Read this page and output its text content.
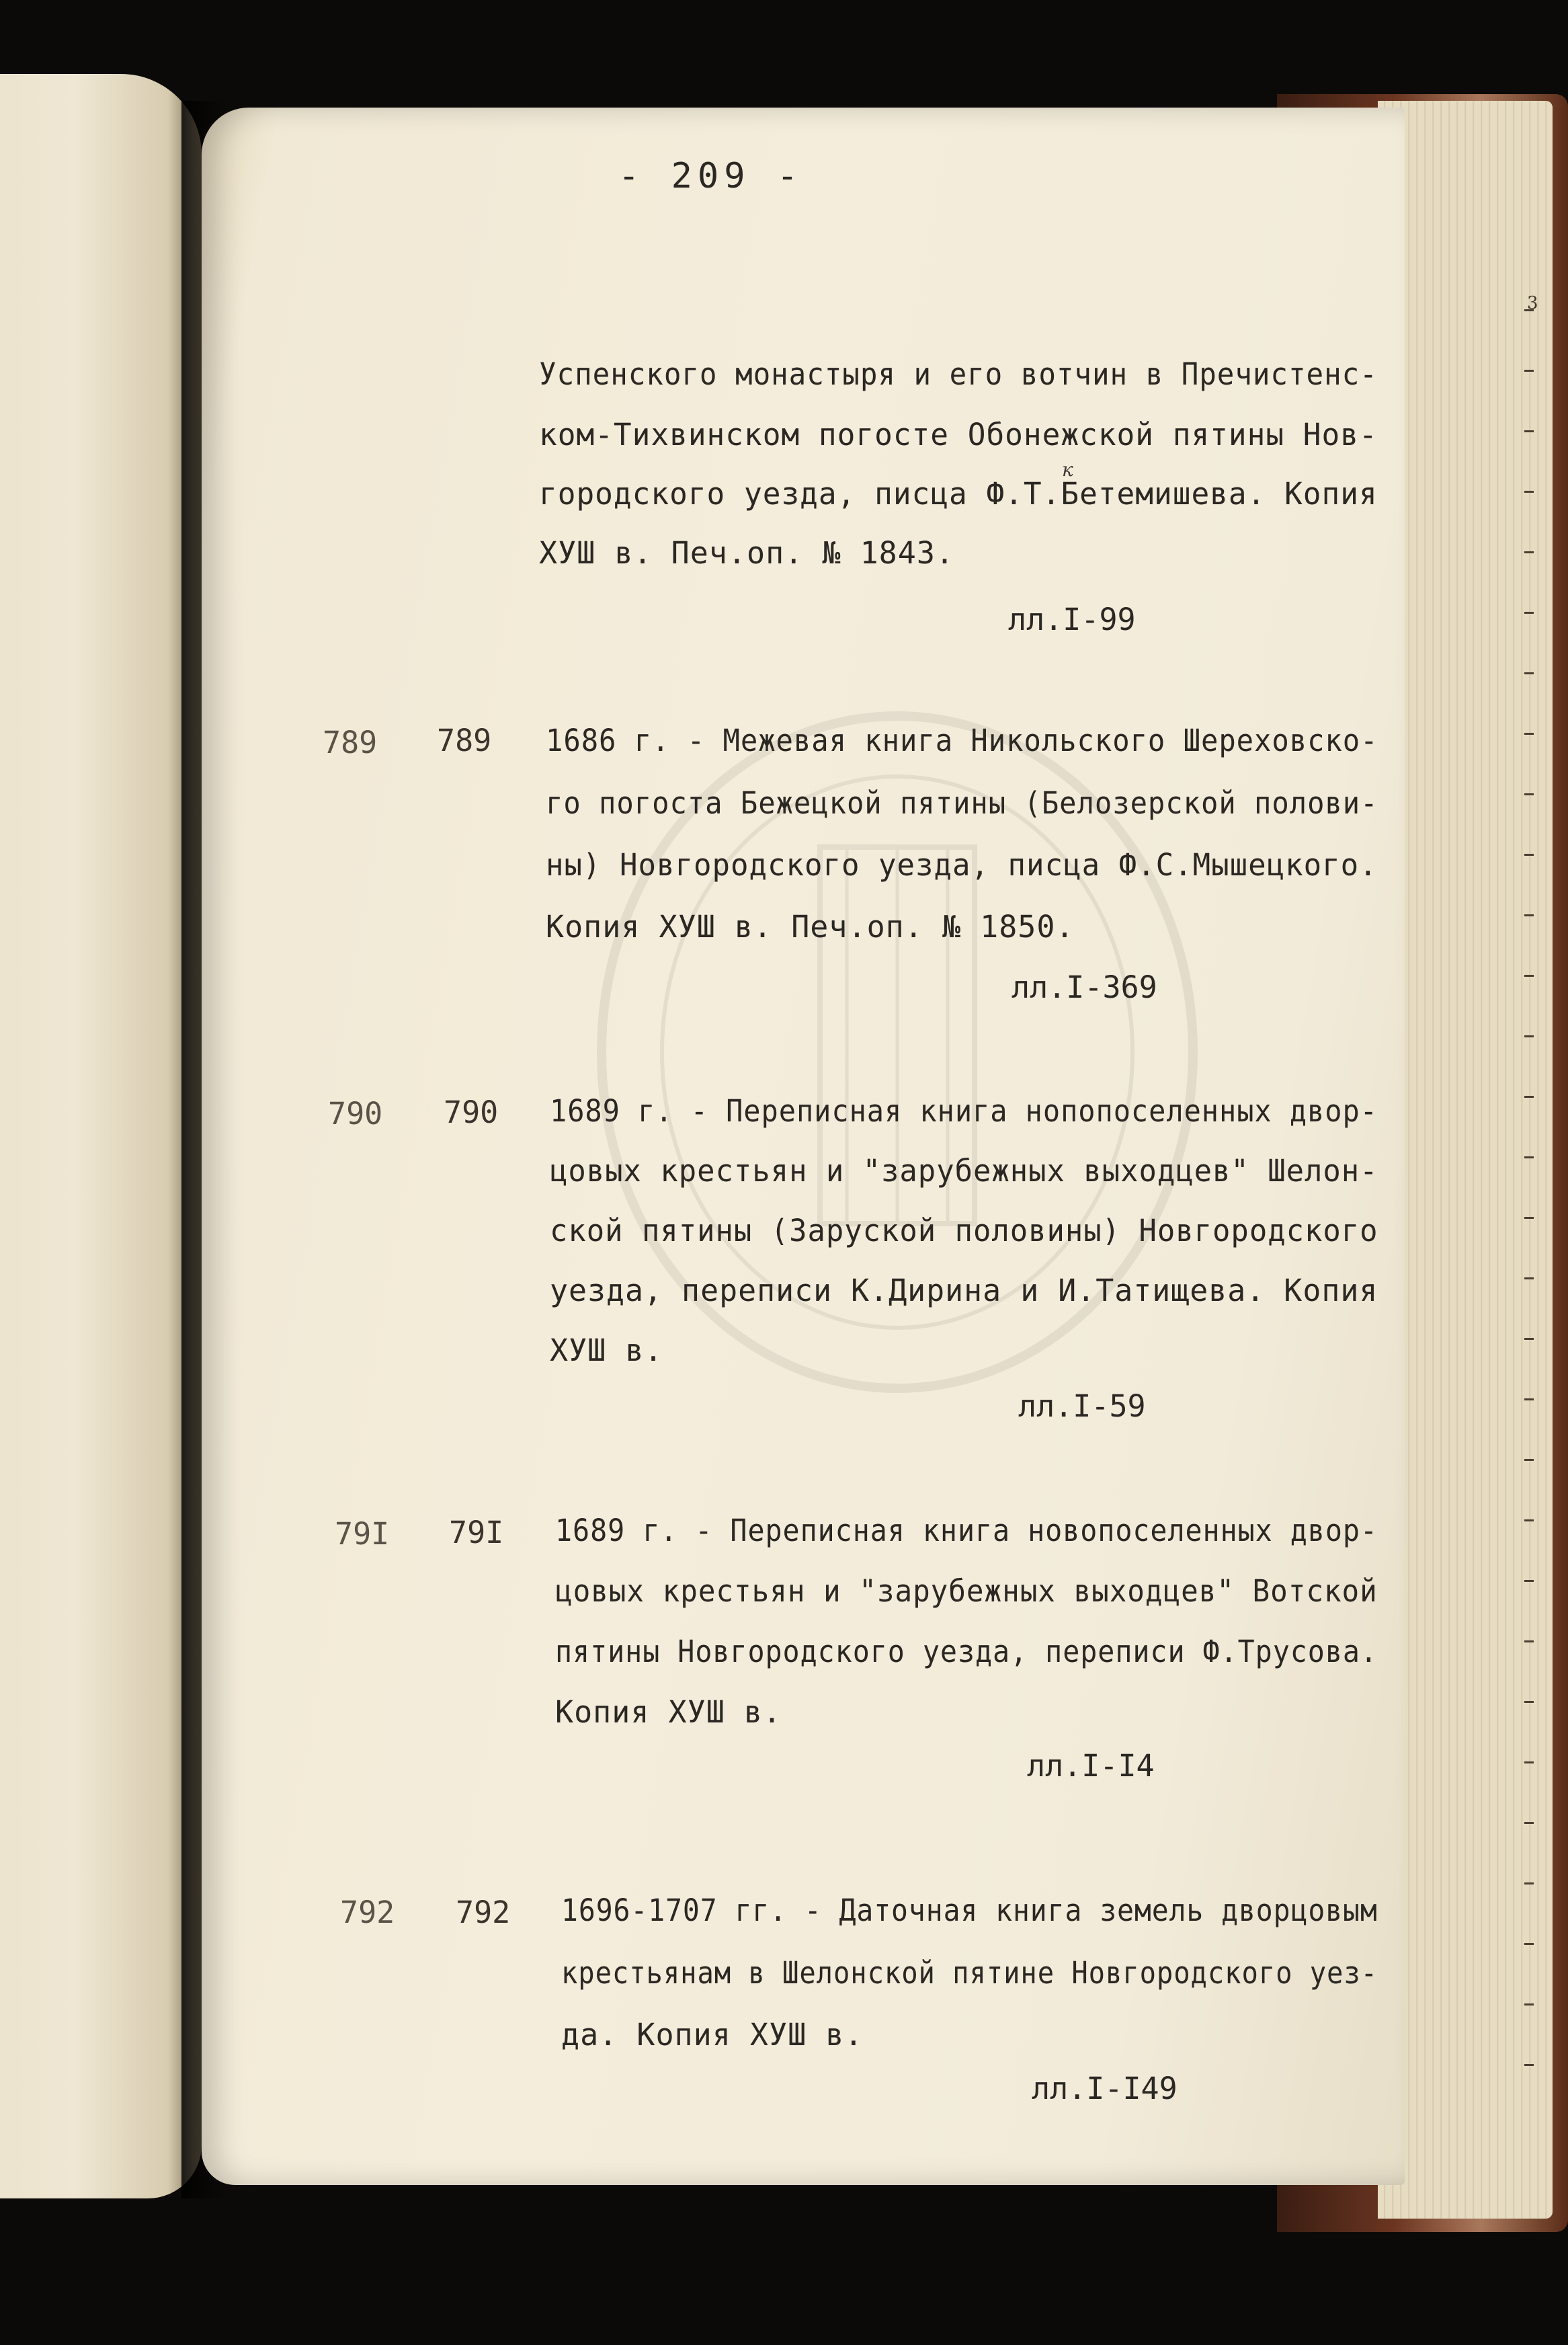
3
- 209 -
Успенского монастыря и его вотчин в Пречистенс-
ком-Тихвинском погосте Обонежской пятины Нов-
городского уезда, писца Ф.Т.Бетемишева. Копия
к
ХУШ в. Печ.оп. № 1843.
лл.I-99
789 789 1686 г. - Межевая книга Никольского Шереховско-
го погоста Бежецкой пятины (Белозерской полови-
ны) Новгородского уезда, писца Ф.С.Мышецкого.
Копия ХУШ в. Печ.оп. № 1850.
лл.I-369
790 790 1689 г. - Переписная книга нопопоселенных двор-
цовых крестьян и "зарубежных выходцев" Шелон-
ской пятины (Заруской половины) Новгородского
уезда, переписи К.Дирина и И.Татищева. Копия
ХУШ в.
лл.I-59
79I 79I 1689 г. - Переписная книга новопоселенных двор-
цовых крестьян и "зарубежных выходцев" Вотской
пятины Новгородского уезда, переписи Ф.Трусова.
Копия ХУШ в.
лл.I-I4
792 792 1696-1707 гг. - Даточная книга земель дворцовым
крестьянам в Шелонской пятине Новгородского уез-
да. Копия ХУШ в.
лл.I-I49
